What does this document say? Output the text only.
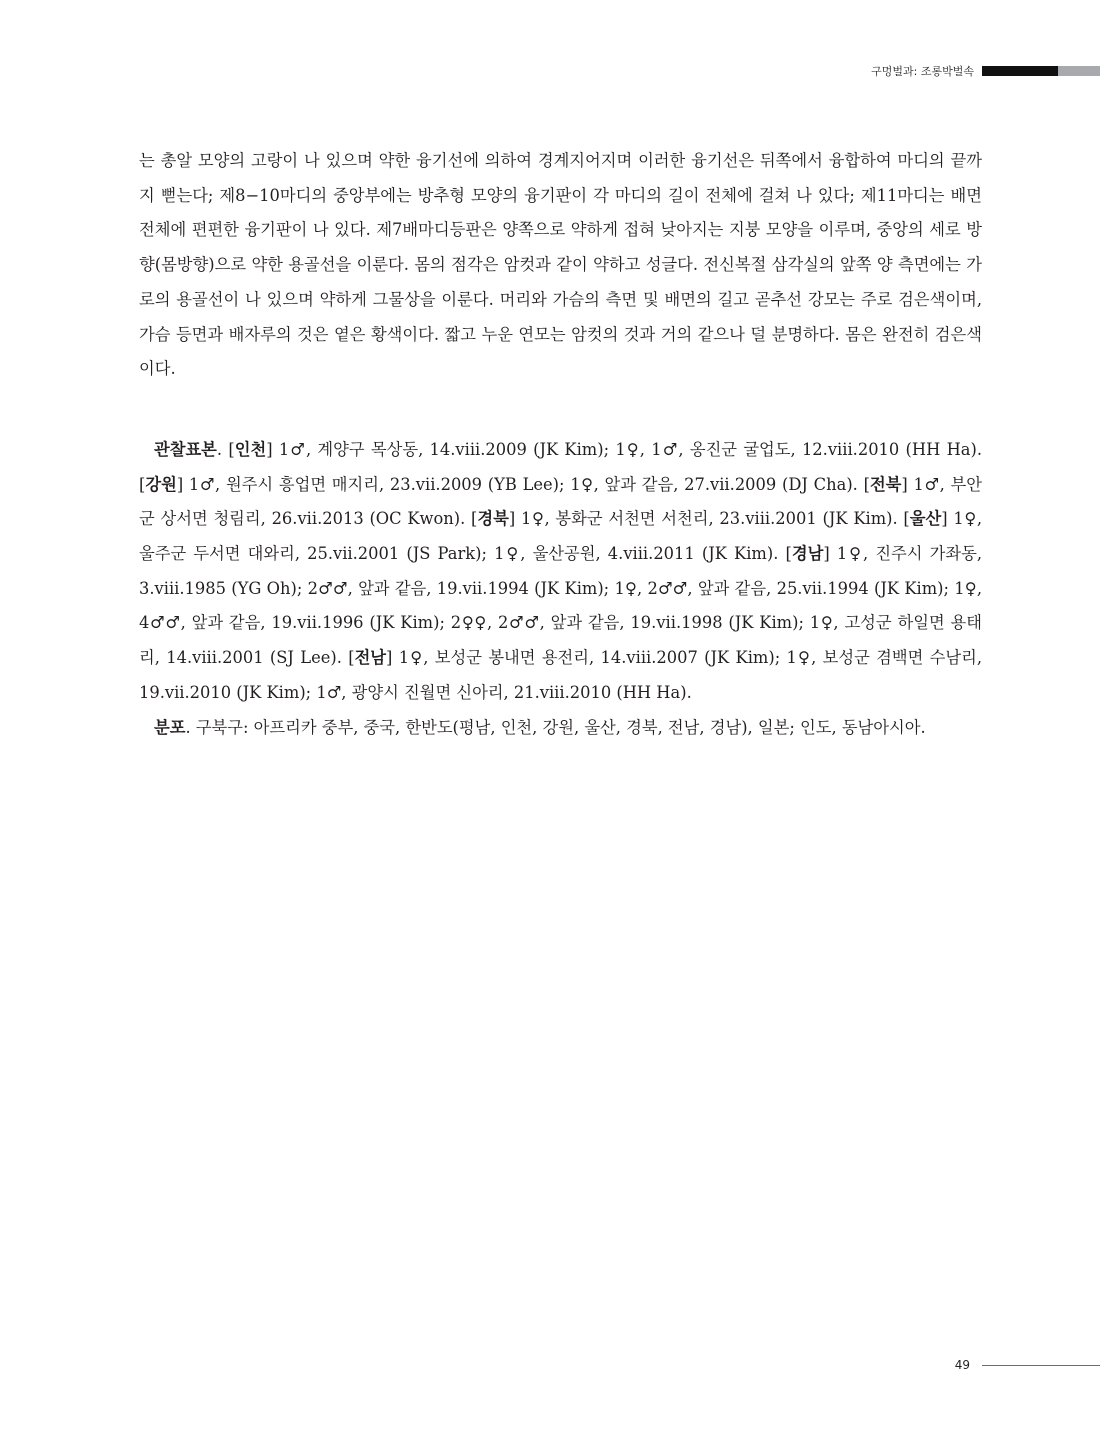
구멍벌과: 조롱박벌속

는 총알 모양의 고랑이 나 있으며 약한 융기선에 의하여 경계지어지며 이러한 융기선은 뒤쪽에서 융합하여 마디의 끝까지 뻗는다; 제8−10마디의 중앙부에는 방추형 모양의 융기판이 각 마디의 길이 전체에 걸쳐 나 있다; 제11마디는 배면 전체에 편편한 융기판이 나 있다. 제7배마디등판은 양쪽으로 약하게 접혀 낮아지는 지붕 모양을 이루며, 중앙의 세로 방향(몸방향)으로 약한 용골선을 이룬다. 몸의 점각은 암컷과 같이 약하고 성글다. 전신복절 삼각실의 앞쪽 양 측면에는 가로의 용골선이 나 있으며 약하게 그물상을 이룬다. 머리와 가슴의 측면 및 배면의 길고 곧추선 강모는 주로 검은색이며, 가슴 등면과 배자루의 것은 옅은 황색이다. 짧고 누운 연모는 암컷의 것과 거의 같으나 덜 분명하다. 몸은 완전히 검은색이다.

관찰표본. [인천] 1♂, 계양구 목상동, 14.viii.2009 (JK Kim); 1♀, 1♂, 옹진군 굴업도, 12.viii.2010 (HH Ha). [강원] 1♂, 원주시 흥업면 매지리, 23.vii.2009 (YB Lee); 1♀, 앞과 같음, 27.vii.2009 (DJ Cha). [전북] 1♂, 부안군 상서면 청림리, 26.vii.2013 (OC Kwon). [경북] 1♀, 봉화군 서천면 서천리, 23.viii.2001 (JK Kim). [울산] 1♀, 울주군 두서면 대와리, 25.vii.2001 (JS Park); 1♀, 울산공원, 4.viii.2011 (JK Kim). [경남] 1♀, 진주시 가좌동, 3.viii.1985 (YG Oh); 2♂♂, 앞과 같음, 19.vii.1994 (JK Kim); 1♀, 2♂♂, 앞과 같음, 25.vii.1994 (JK Kim); 1♀, 4♂♂, 앞과 같음, 19.vii.1996 (JK Kim); 2♀♀, 2♂♂, 앞과 같음, 19.vii.1998 (JK Kim); 1♀, 고성군 하일면 용태리, 14.viii.2001 (SJ Lee). [전남] 1♀, 보성군 봉내면 용전리, 14.viii.2007 (JK Kim); 1♀, 보성군 겸백면 수남리, 19.vii.2010 (JK Kim); 1♂, 광양시 진월면 신아리, 21.viii.2010 (HH Ha).

분포. 구북구: 아프리카 중부, 중국, 한반도(평남, 인천, 강원, 울산, 경북, 전남, 경남), 일본; 인도, 동남아시아.

49
